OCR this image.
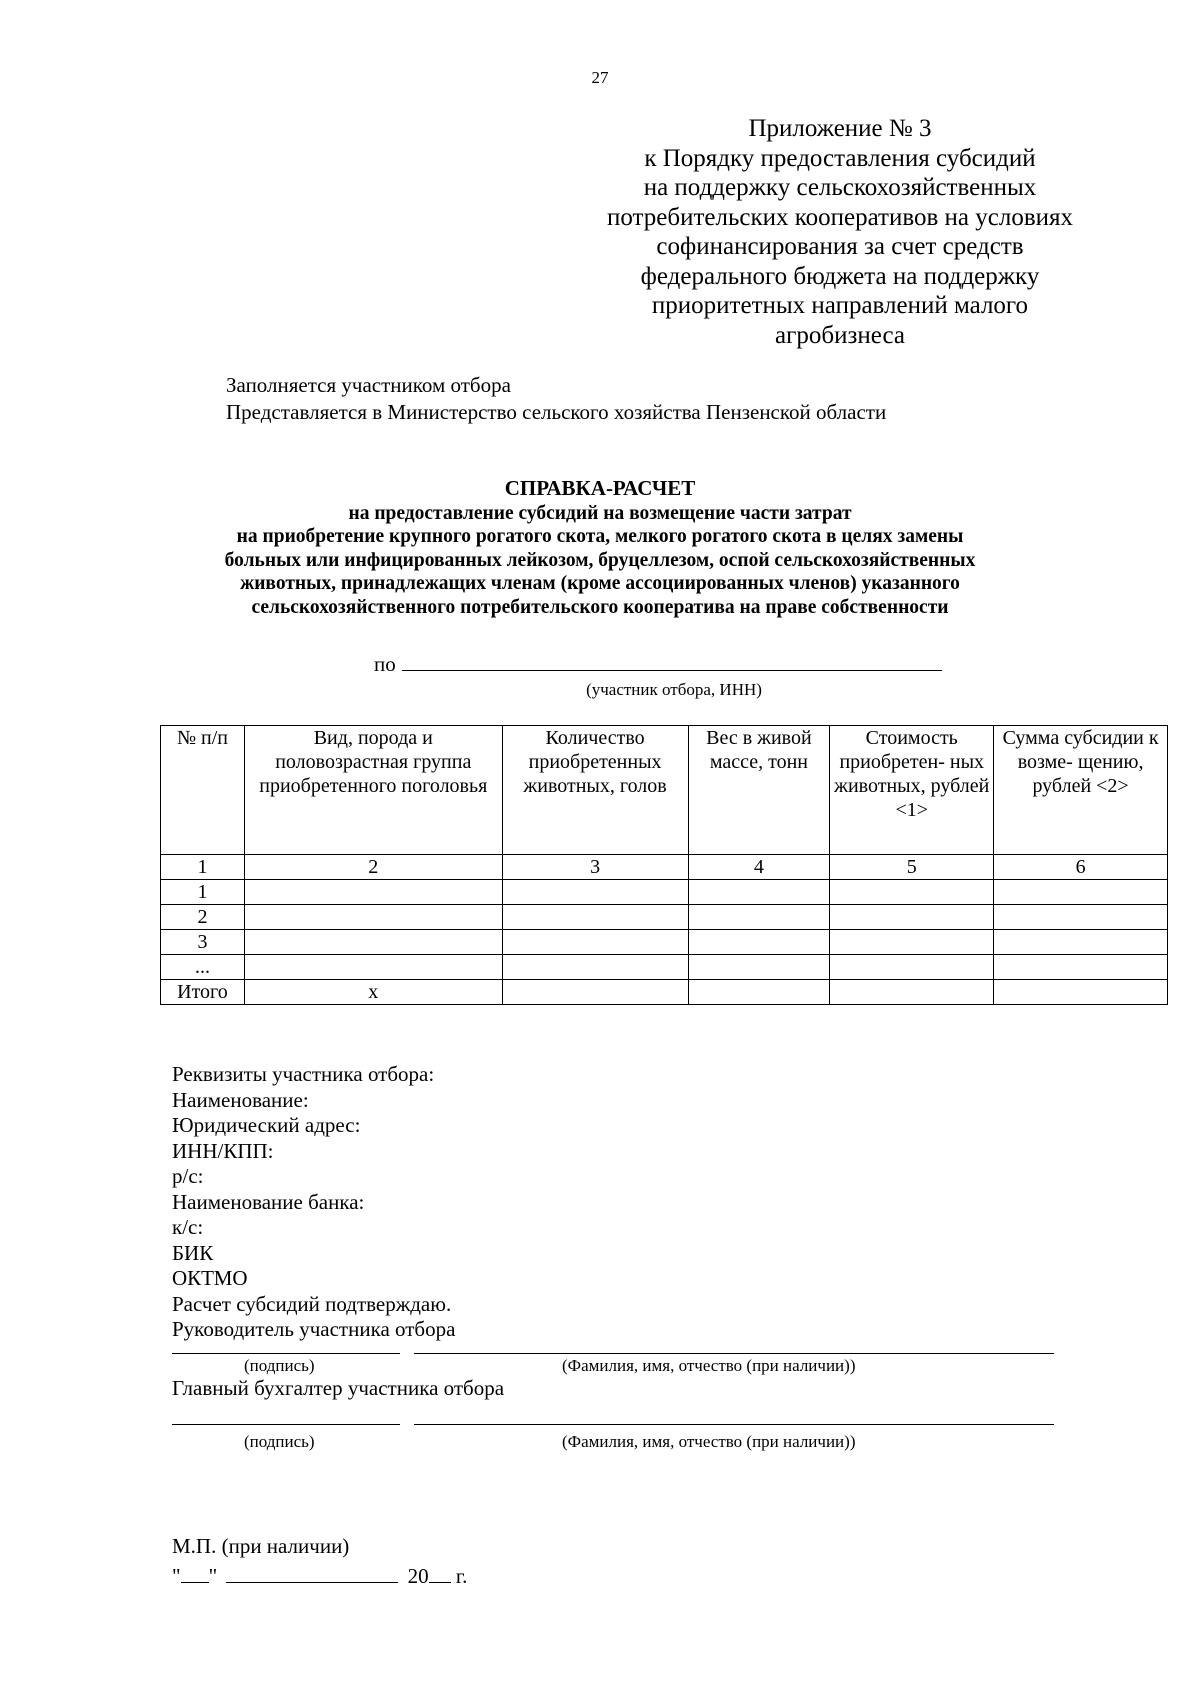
27
Приложение № 3
к Порядку предоставления субсидий
на поддержку сельскохозяйственных
потребительских кооперативов на условиях
софинансирования за счет средств
федерального бюджета на поддержку
приоритетных направлений малого
агробизнеса
Заполняется участником отбора
Представляется в Министерство сельского хозяйства Пензенской области
СПРАВКА-РАСЧЕТ
на предоставление субсидий на возмещение части затрат
на приобретение крупного рогатого скота, мелкого рогатого скота в целях замены
больных или инфицированных лейкозом, бруцеллезом, оспой сельскохозяйственных
животных, принадлежащих членам (кроме ассоциированных членов) указанного
сельскохозяйственного потребительского кооператива на праве собственности
по
(участник отбора, ИНН)
№ п/п	Вид, порода и половозрастная группа приобретенного поголовья	Количество приобретенных животных, голов	Вес в живой массе, тонн	Стоимость приобретен- ных животных, рублей <1>	Сумма субсидии к возме- щению, рублей <2>
1	2	3	4	5	6
1					
2					
3					
...					
Итого	x				
Реквизиты участника отбора:
Наименование:
Юридический адрес:
ИНН/КПП:
р/с:
Наименование банка:
к/с:
БИК
ОКТМО
Расчет субсидий подтверждаю.
Руководитель участника отбора
(подпись)	(Фамилия, имя, отчество (при наличии))
Главный бухгалтер участника отбора
(подпись)	(Фамилия, имя, отчество (при наличии))
М.П. (при наличии)
" "	20 г.
